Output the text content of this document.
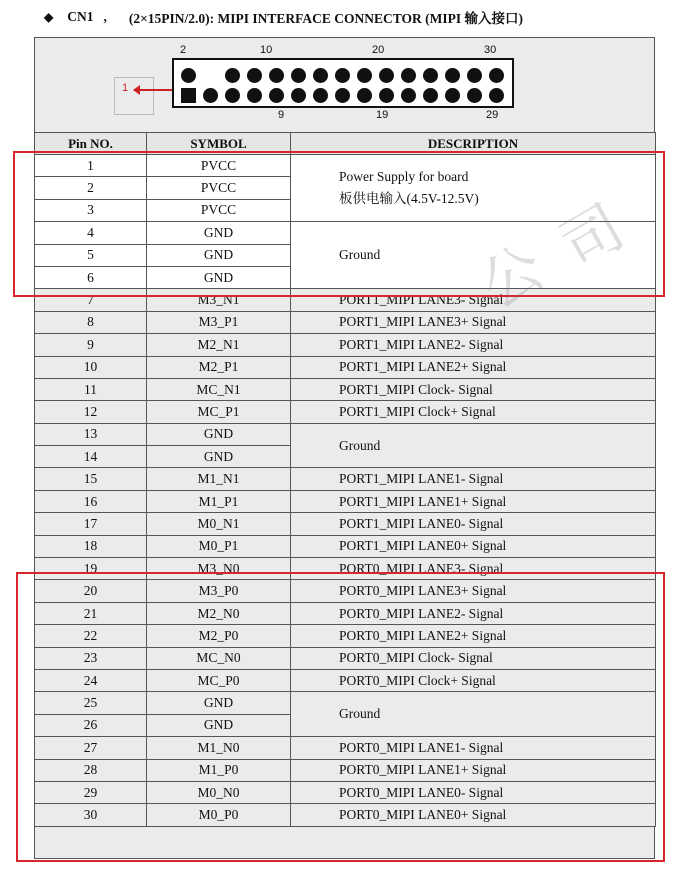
◆ CN1 , (2×15PIN/2.0): MIPI INTERFACE CONNECTOR (MIPI 输入接口)
2	10	20	30
1
9	19	29
Pin NO.	SYMBOL	DESCRIPTION
1	PVCC	Power Supply for board
板供电输入(4.5V-12.5V)

2	PVCC	
3	PVCC	
4	GND	Ground
5	GND	
6	GND	
7	M3_N1	PORT1_MIPI LANE3- Signal
8	M3_P1	PORT1_MIPI LANE3+ Signal
9	M2_N1	PORT1_MIPI LANE2- Signal
10	M2_P1	PORT1_MIPI LANE2+ Signal
11	MC_N1	PORT1_MIPI Clock- Signal
12	MC_P1	PORT1_MIPI Clock+ Signal
13	GND	Ground
14	GND	
15	M1_N1	PORT1_MIPI LANE1- Signal
16	M1_P1	PORT1_MIPI LANE1+ Signal
17	M0_N1	PORT1_MIPI LANE0- Signal
18	M0_P1	PORT1_MIPI LANE0+ Signal
19	M3_N0	PORT0_MIPI LANE3- Signal
20	M3_P0	PORT0_MIPI LANE3+ Signal
21	M2_N0	PORT0_MIPI LANE2- Signal
22	M2_P0	PORT0_MIPI LANE2+ Signal
23	MC_N0	PORT0_MIPI Clock- Signal
24	MC_P0	PORT0_MIPI Clock+ Signal
25	GND	Ground
26	GND	
27	M1_N0	PORT0_MIPI LANE1- Signal
28	M1_P0	PORT0_MIPI LANE1+ Signal
29	M0_N0	PORT0_MIPI LANE0- Signal
30	M0_P0	PORT0_MIPI LANE0+ Signal
司
公
